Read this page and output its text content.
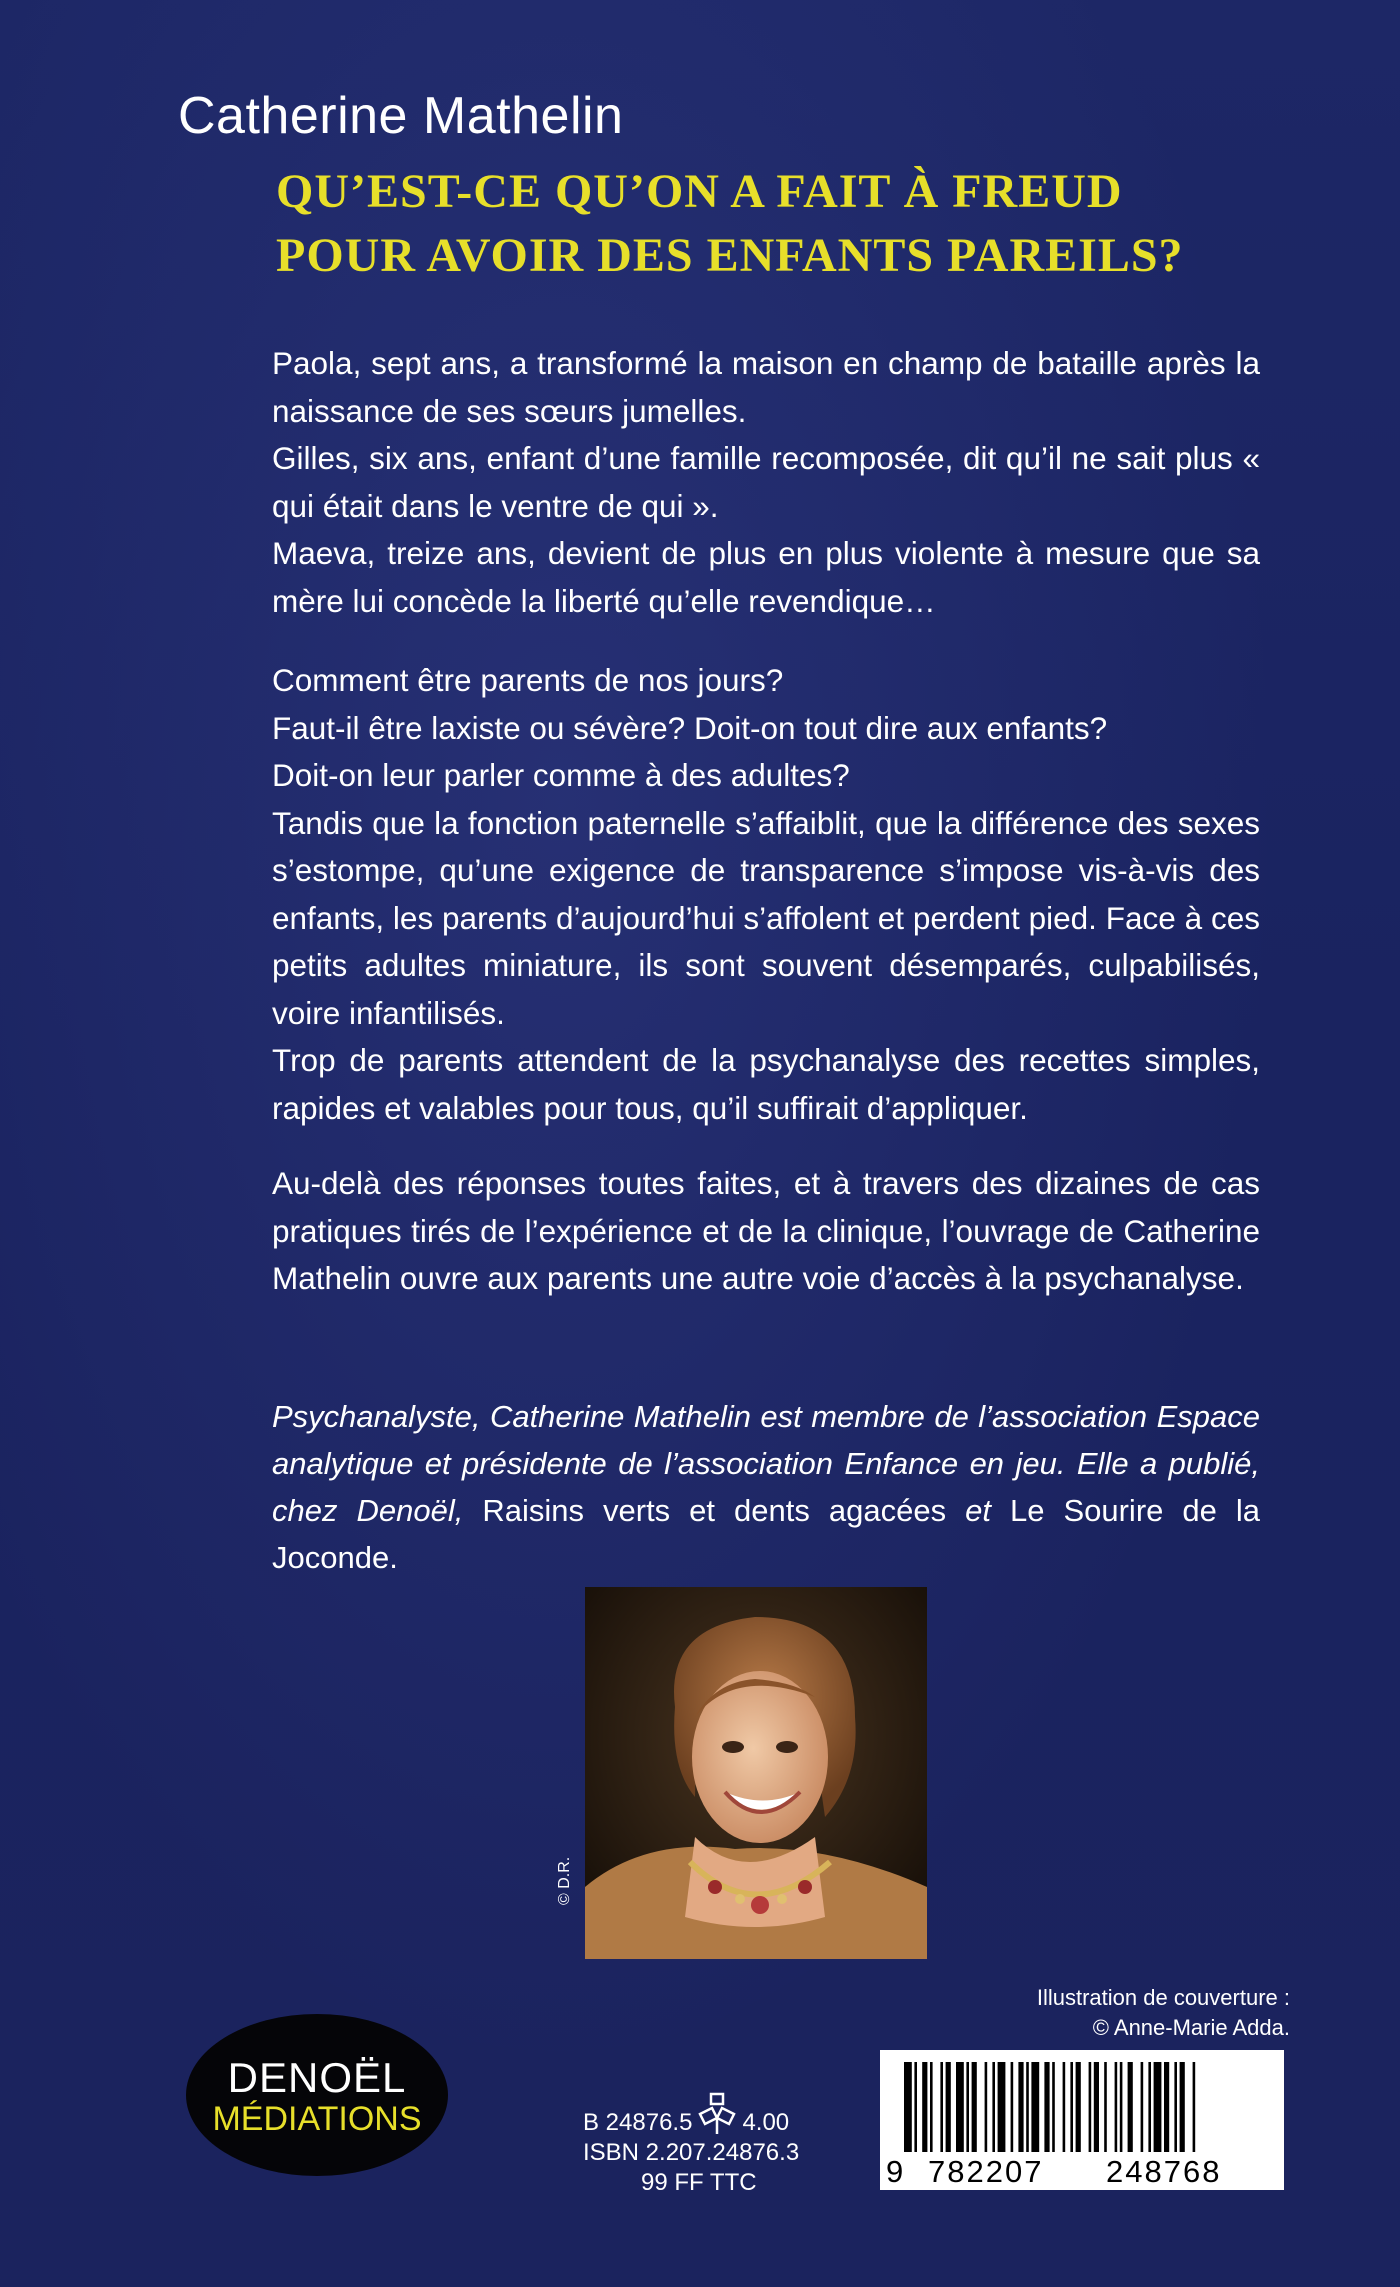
Catherine Mathelin
QU’EST-CE QU’ON A FAIT À FREUD
POUR AVOIR DES ENFANTS PAREILS?

Paola, sept ans, a transformé la maison en champ de bataille après la naissance de ses sœurs jumelles.

Gilles, six ans, enfant d’une famille recomposée, dit qu’il ne sait plus « qui était dans le ventre de qui ».

Maeva, treize ans, devient de plus en plus violente à mesure que sa mère lui concède la liberté qu’elle revendique…

Comment être parents de nos jours?

Faut-il être laxiste ou sévère? Doit-on tout dire aux enfants?

Doit-on leur parler comme à des adultes?

Tandis que la fonction paternelle s’affaiblit, que la différence des sexes s’estompe, qu’une exigence de transparence s’impose vis-à-vis des enfants, les parents d’aujourd’hui s’affolent et perdent pied. Face à ces petits adultes miniature, ils sont souvent désemparés, culpabilisés, voire infantilisés.

Trop de parents attendent de la psychanalyse des recettes simples, rapides et valables pour tous, qu’il suffirait d’appliquer.

Au-delà des réponses toutes faites, et à travers des dizaines de cas pratiques tirés de l’expérience et de la clinique, l’ouvrage de Catherine Mathelin ouvre aux parents une autre voie d’accès à la psychanalyse.

Psychanalyste, Catherine Mathelin est membre de l’association Espace analytique et présidente de l’association Enfance en jeu. Elle a publié, chez Denoël, Raisins verts et dents agacées et Le Sourire de la Joconde.

© D.R.
Illustration de couverture :
© Anne-Marie Adda.
DENOËL
MÉDIATIONS	B 24876.5 4.00
ISBN 2.207.24876.3
99 FF TTC	9 782207 248768
